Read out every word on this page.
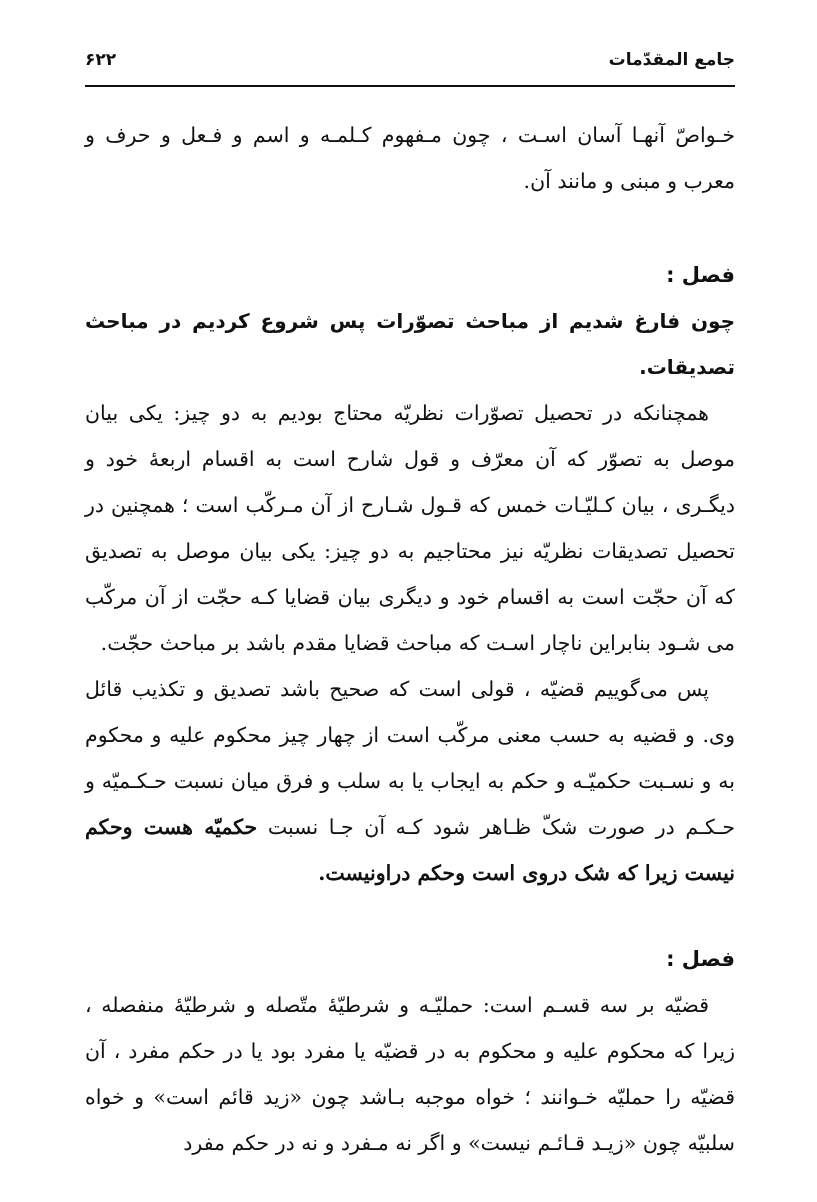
جامع المقدّمات
۶۲۲

خـواصّ آنهـا آسان اسـت ، چون مـفهوم کـلمـه و اسم و فـعل و حرف و معرب و مبنی و مانند آن.

فصل :

چون فارغ شدیم از مباحث تصوّرات پس شروع کردیم در مباحث تصدیقات.

همچنانکه در تحصیل تصوّرات نظریّه محتاج بودیم به دو چیز: یکی بیان موصل به تصوّر که آن معرّف و قول شارح است به اقسام اربعهٔ خود و دیگـری ، بیان کـلیّـات خمس که قـول شـارح از آن مـرکّب است ؛ همچنین در تحصیل تصدیقات نظریّه نیز محتاجیم به دو چیز: یکی بیان موصل به تصدیق که آن حجّت است به اقسام خود و دیگری بیان قضایا کـه حجّت از آن مرکّب می شـود بنابراین ناچار اسـت که مباحث قضایا مقدم باشد بر مباحث حجّت.

پس می‌گوییم قضیّه ، قولی است که صحیح باشد تصدیق و تکذیب قائل وی. و قضیه به حسب معنی مرکّب است از چهار چیز محکوم علیه و محکوم به و نسـبت حکمیّـه و حکم به ایجاب یا به سلب و فرق میان نسبت حـکـمیّه و حـکـم در صورت شکّ ظـاهر شود کـه آن جـا نسبت حکمیّه هست وحکم نیست زیرا که شک دروی است وحکم دراونیست.

فصل :

قضیّه بر سه قسـم است: حملیّـه و شرطیّهٔ متّصله و شرطیّهٔ منفصله ، زیرا که محکوم علیه و محکوم به در قضیّه یا مفرد بود یا در حکم مفرد ، آن قضیّه را حملیّه خـوانند ؛ خواه موجبه بـاشد چون «زید قائم است» و خواه سلبیّه چون «زیـد قـائـم نیست» و اگر نه مـفرد و نه در حکم مفرد
